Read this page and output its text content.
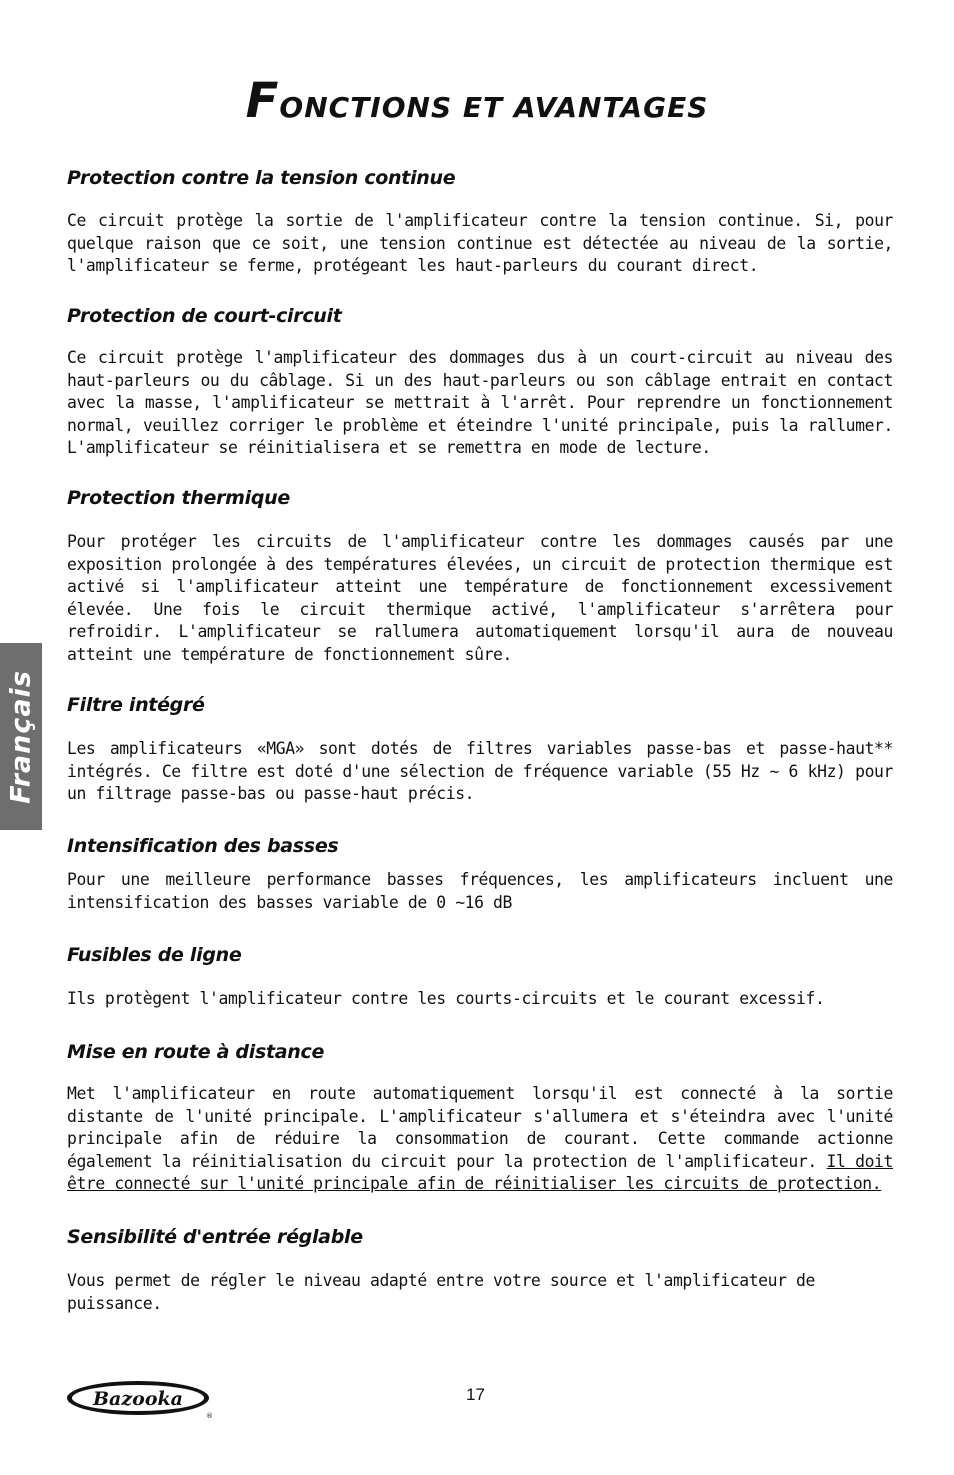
FONCTIONS ET AVANTAGES

Protection contre la tension continue

Ce circuit protège la sortie de l'amplificateur contre la tension continue. Si, pour quelque raison que ce soit, une tension continue est détectée au niveau de la sortie, l'amplificateur se ferme, protégeant les haut-parleurs du courant direct.

Protection de court-circuit

Ce circuit protège l'amplificateur des dommages dus à un court-circuit au niveau des haut-parleurs ou du câblage. Si un des haut-parleurs ou son câblage entrait en contact avec la masse, l'amplificateur se mettrait à l'arrêt. Pour reprendre un fonctionnement normal, veuillez corriger le problème et éteindre l'unité principale, puis la rallumer. L'amplificateur se réinitialisera et se remettra en mode de lecture.

Protection thermique

Pour protéger les circuits de l'amplificateur contre les dommages causés par une exposition prolongée à des températures élevées, un circuit de protection thermique est activé si l'amplificateur atteint une température de fonctionnement excessivement élevée. Une fois le circuit thermique activé, l'amplificateur s'arrêtera pour refroidir. L'amplificateur se rallumera automatiquement lorsqu'il aura de nouveau atteint une température de fonctionnement sûre.

Filtre intégré

Les amplificateurs «MGA» sont dotés de filtres variables passe-bas et passe-haut** intégrés. Ce filtre est doté d'une sélection de fréquence variable (55 Hz ~ 6 kHz) pour un filtrage passe-bas ou passe-haut précis.

Intensification des basses

Pour une meilleure performance basses fréquences, les amplificateurs incluent une intensification des basses variable de 0 ~16 dB

Fusibles de ligne

Ils protègent l'amplificateur contre les courts-circuits et le courant excessif.

Mise en route à distance

Met l'amplificateur en route automatiquement lorsqu'il est connecté à la sortie distante de l'unité principale. L'amplificateur s'allumera et s'éteindra avec l'unité principale afin de réduire la consommation de courant. Cette commande actionne également la réinitialisation du circuit pour la protection de l'amplificateur. Il doit être connecté sur l'unité principale afin de réinitialiser les circuits de protection.

Sensibilité d'entrée réglable

Vous permet de régler le niveau adapté entre votre source et l'amplificateur de puissance.

Français
Bazooka
®
17
